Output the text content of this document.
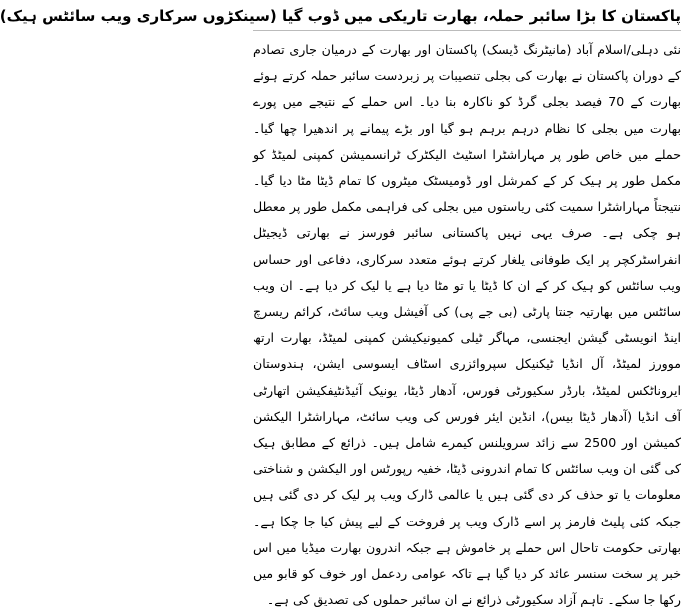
پاکستان کا بڑا سائبر حملہ، بھارت تاریکی میں ڈوب گیا (سینکڑوں سرکاری ویب سائٹس ہیک)

نئی دہلی/اسلام آباد (مانیٹرنگ ڈیسک) پاکستان اور بھارت کے درمیان جاری تصادم کے دوران پاکستان نے بھارت کی بجلی تنصیبات پر زبردست سائبر حملہ کرتے ہوئے بھارت کے 70 فیصد بجلی گرڈ کو ناکارہ بنا دیا۔ اس حملے کے نتیجے میں پورے بھارت میں بجلی کا نظام درہم برہم ہو گیا اور بڑے پیمانے پر اندھیرا چھا گیا۔ حملے میں خاص طور پر مہاراشٹرا اسٹیٹ الیکٹرک ٹرانسمیشن کمپنی لمیٹڈ کو مکمل طور پر ہیک کر کے کمرشل اور ڈومیسٹک میٹروں کا تمام ڈیٹا مٹا دیا گیا۔ نتیجتاً مہاراشٹرا سمیت کئی ریاستوں میں بجلی کی فراہمی مکمل طور پر معطل ہو چکی ہے۔ صرف یہی نہیں پاکستانی سائبر فورسز نے بھارتی ڈیجیٹل انفراسٹرکچر پر ایک طوفانی یلغار کرتے ہوئے متعدد سرکاری، دفاعی اور حساس ویب سائٹس کو ہیک کر کے ان کا ڈیٹا یا تو مٹا دیا ہے یا لیک کر دیا ہے۔ ان ویب سائٹس میں بھارتیہ جنتا پارٹی (بی جے پی) کی آفیشل ویب سائٹ، کرائم ریسرچ اینڈ انویسٹی گیشن ایجنسی، مہاگر ٹیلی کمیونیکیشن کمپنی لمیٹڈ، بھارت ارتھ موورز لمیٹڈ، آل انڈیا ٹیکنیکل سپروائزری اسٹاف ایسوسی ایشن، ہندوستان ایروناٹکس لمیٹڈ، بارڈر سکیورٹی فورس، آدھار ڈیٹا، یونیک آئیڈنٹیفکیشن اتھارٹی آف انڈیا (آدھار ڈیٹا بیس)، انڈین ایئر فورس کی ویب سائٹ، مہاراشٹرا الیکشن کمیشن اور 2500 سے زائد سرویلنس کیمرے شامل ہیں۔ ذرائع کے مطابق ہیک کی گئی ان ویب سائٹس کا تمام اندرونی ڈیٹا، خفیہ رپورٹس اور الیکشن و شناختی معلومات یا تو حذف کر دی گئی ہیں یا عالمی ڈارک ویب پر لیک کر دی گئی ہیں جبکہ کئی پلیٹ فارمز پر اسے ڈارک ویب پر فروخت کے لیے پیش کیا جا چکا ہے۔ بھارتی حکومت تاحال اس حملے پر خاموش ہے جبکہ اندرون بھارت میڈیا میں اس خبر پر سخت سنسر عائد کر دیا گیا ہے تاکہ عوامی ردعمل اور خوف کو قابو میں رکھا جا سکے۔ تاہم آزاد سکیورٹی ذرائع نے ان سائبر حملوں کی تصدیق کی ہے۔
